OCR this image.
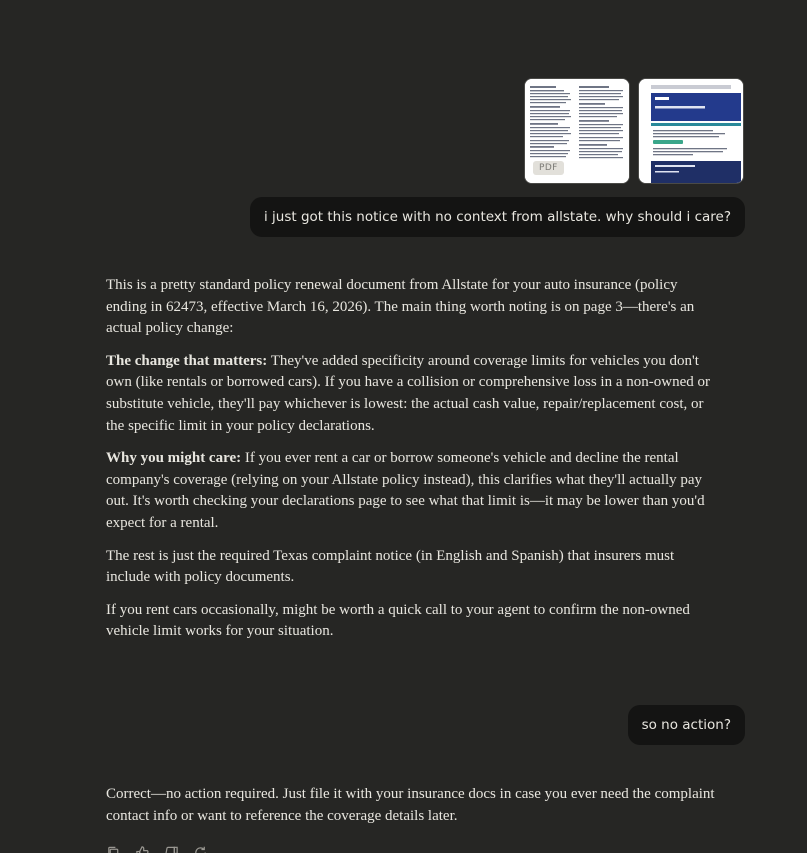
PDF
i just got this notice with no context from allstate. why should i care?

This is a pretty standard policy renewal document from Allstate for your auto insurance (policy ending in 62473, effective March 16, 2026). The main thing worth noting is on page 3—there's an actual policy change:

The change that matters: They've added specificity around coverage limits for vehicles you don't own (like rentals or borrowed cars). If you have a collision or comprehensive loss in a non-owned or substitute vehicle, they'll pay whichever is lowest: the actual cash value, repair/replacement cost, or the specific limit in your policy declarations.

Why you might care: If you ever rent a car or borrow someone's vehicle and decline the rental company's coverage (relying on your Allstate policy instead), this clarifies what they'll actually pay out. It's worth checking your declarations page to see what that limit is—it may be lower than you'd expect for a rental.

The rest is just the required Texas complaint notice (in English and Spanish) that insurers must include with policy documents.

If you rent cars occasionally, might be worth a quick call to your agent to confirm the non-owned vehicle limit works for your situation.

so no action?

Correct—no action required. Just file it with your insurance docs in case you ever need the complaint contact info or want to reference the coverage details later.
